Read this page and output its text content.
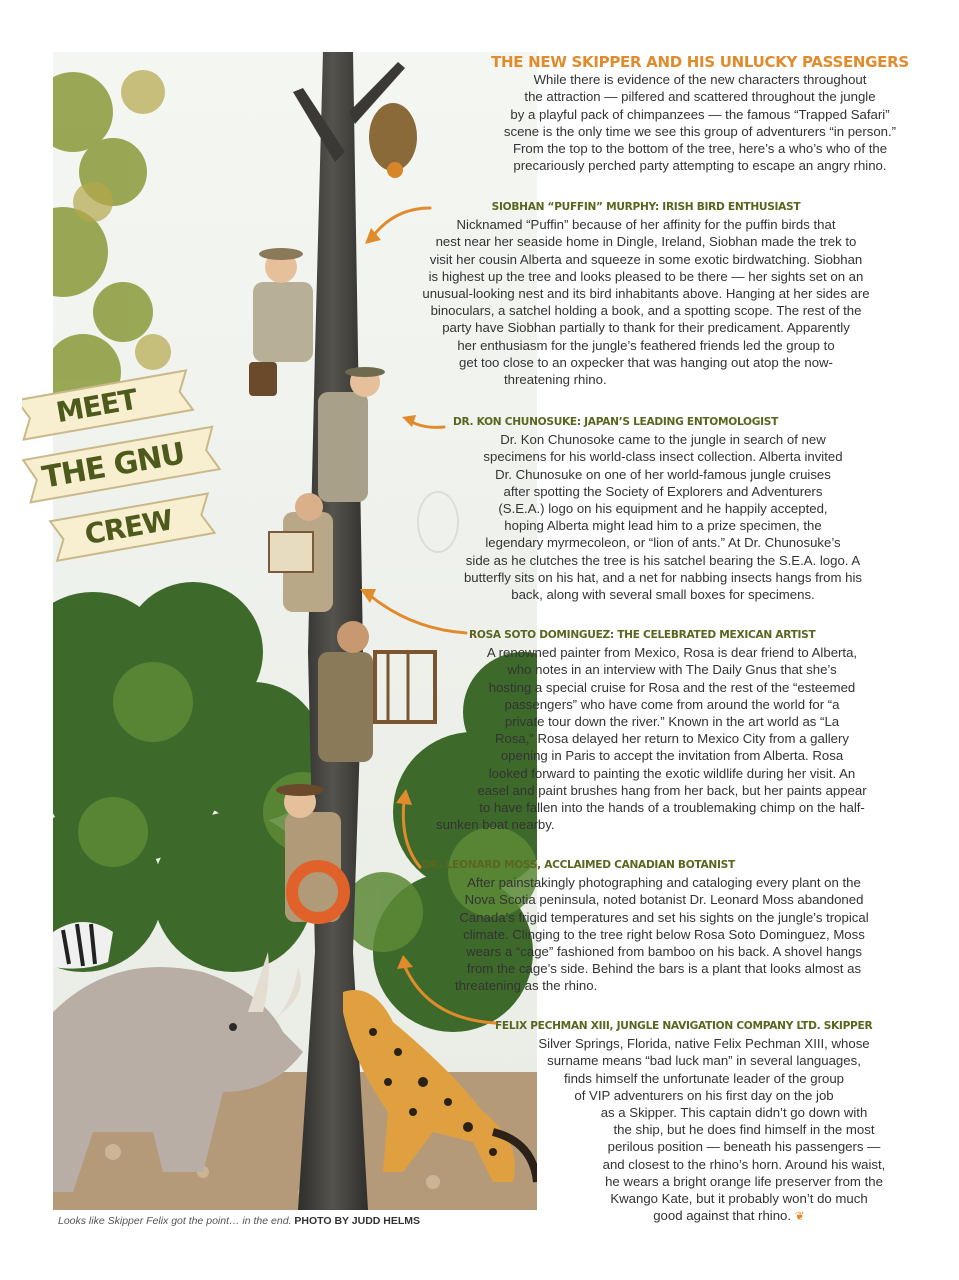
MEET
THE GNU
CREW
THE NEW SKIPPER AND HIS UNLUCKY PASSENGERS

While there is evidence of the new characters throughout

the attraction — pilfered and scattered throughout the jungle

by a playful pack of chimpanzees — the famous “Trapped Safari”

scene is the only time we see this group of adventurers “in person.”

From the top to the bottom of the tree, here’s a who’s who of the

precariously perched party attempting to escape an angry rhino.

SIOBHAN “PUFFIN” MURPHY: IRISH BIRD ENTHUSIAST

Nicknamed “Puffin” because of her affinity for the puffin birds that

nest near her seaside home in Dingle, Ireland, Siobhan made the trek to

visit her cousin Alberta and squeeze in some exotic birdwatching. Siobhan

is highest up the tree and looks pleased to be there — her sights set on an

unusual-looking nest and its bird inhabitants above. Hanging at her sides are

binoculars, a satchel holding a book, and a spotting scope. The rest of the

party have Siobhan partially to thank for their predicament. Apparently

her enthusiasm for the jungle’s feathered friends led the group to

get too close to an oxpecker that was hanging out atop the now-

threatening rhino.

DR. KON CHUNOSUKE: JAPAN’S LEADING ENTOMOLOGIST

Dr. Kon Chunosoke came to the jungle in search of new

specimens for his world-class insect collection. Alberta invited

Dr. Chunosuke on one of her world-famous jungle cruises

after spotting the Society of Explorers and Adventurers

(S.E.A.) logo on his equipment and he happily accepted,

hoping Alberta might lead him to a prize specimen, the

legendary myrmecoleon, or “lion of ants.” At Dr. Chunosuke’s

side as he clutches the tree is his satchel bearing the S.E.A. logo. A

butterfly sits on his hat, and a net for nabbing insects hangs from his

back, along with several small boxes for specimens.

ROSA SOTO DOMINGUEZ: THE CELEBRATED MEXICAN ARTIST

A renowned painter from Mexico, Rosa is dear friend to Alberta,

who notes in an interview with The Daily Gnus that she’s

hosting a special cruise for Rosa and the rest of the “esteemed

passengers” who have come from around the world for “a

private tour down the river.” Known in the art world as “La

Rosa,” Rosa delayed her return to Mexico City from a gallery

opening in Paris to accept the invitation from Alberta. Rosa

looked forward to painting the exotic wildlife during her visit. An

easel and paint brushes hang from her back, but her paints appear

to have fallen into the hands of a troublemaking chimp on the half-

sunken boat nearby.

DR. LEONARD MOSS, ACCLAIMED CANADIAN BOTANIST

After painstakingly photographing and cataloging every plant on the

Nova Scotia peninsula, noted botanist Dr. Leonard Moss abandoned

Canada’s frigid temperatures and set his sights on the jungle’s tropical

climate. Clinging to the tree right below Rosa Soto Dominguez, Moss

wears a “cage” fashioned from bamboo on his back. A shovel hangs

from the cage’s side. Behind the bars is a plant that looks almost as

threatening as the rhino.

FELIX PECHMAN XIII, JUNGLE NAVIGATION COMPANY LTD. SKIPPER

Silver Springs, Florida, native Felix Pechman XIII, whose

surname means “bad luck man” in several languages,

finds himself the unfortunate leader of the group

of VIP adventurers on his first day on the job

as a Skipper. This captain didn’t go down with

the ship, but he does find himself in the most

perilous position — beneath his passengers —

and closest to the rhino’s horn. Around his waist,

he wears a bright orange life preserver from the

Kwango Kate, but it probably won’t do much

good against that rhino. ❦

Looks like Skipper Felix got the point… in the end. PHOTO BY JUDD HELMS
